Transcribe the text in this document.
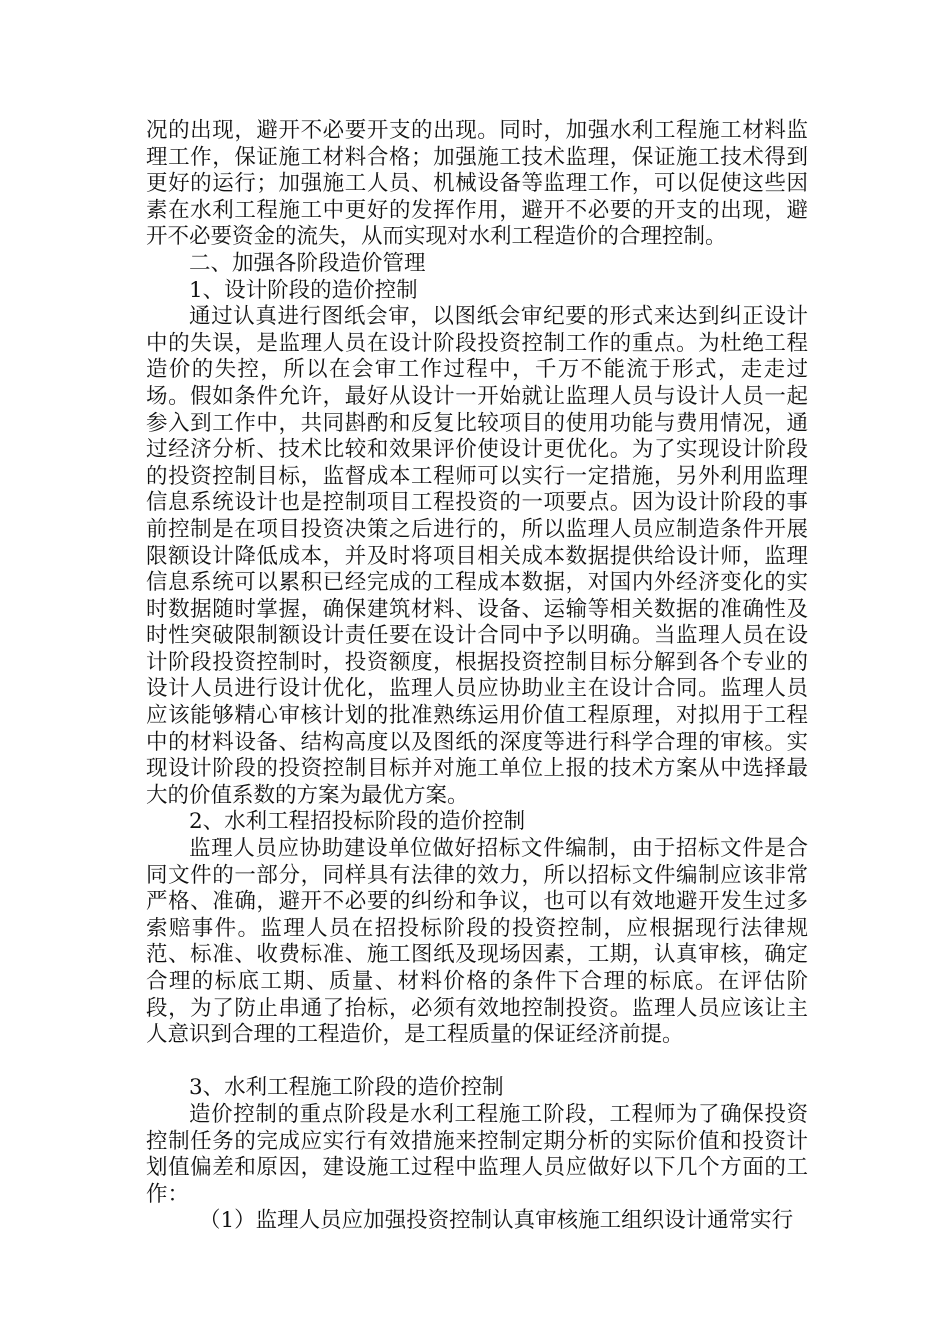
况的出现，避开不必要开支的出现。同时，加强水利工程施工材料监理工作，保证施工材料合格；加强施工技术监理，保证施工技术得到更好的运行；加强施工人员、机械设备等监理工作，可以促使这些因素在水利工程施工中更好的发挥作用，避开不必要的开支的出现，避开不必要资金的流失，从而实现对水利工程造价的合理控制。

二、加强各阶段造价管理

1、设计阶段的造价控制

通过认真进行图纸会审，以图纸会审纪要的形式来达到纠正设计中的失误，是监理人员在设计阶段投资控制工作的重点。为杜绝工程造价的失控，所以在会审工作过程中，千万不能流于形式，走走过场。假如条件允许，最好从设计一开始就让监理人员与设计人员一起参入到工作中，共同斟酌和反复比较项目的使用功能与费用情况，通过经济分析、技术比较和效果评价使设计更优化。为了实现设计阶段的投资控制目标，监督成本工程师可以实行一定措施，另外利用监理信息系统设计也是控制项目工程投资的一项要点。因为设计阶段的事前控制是在项目投资决策之后进行的，所以监理人员应制造条件开展限额设计降低成本，并及时将项目相关成本数据提供给设计师，监理信息系统可以累积已经完成的工程成本数据，对国内外经济变化的实时数据随时掌握，确保建筑材料、设备、运输等相关数据的准确性及时性突破限制额设计责任要在设计合同中予以明确。当监理人员在设计阶段投资控制时，投资额度，根据投资控制目标分解到各个专业的设计人员进行设计优化，监理人员应协助业主在设计合同。监理人员应该能够精心审核计划的批准熟练运用价值工程原理，对拟用于工程中的材料设备、结构高度以及图纸的深度等进行科学合理的审核。实现设计阶段的投资控制目标并对施工单位上报的技术方案从中选择最大的价值系数的方案为最优方案。

2、水利工程招投标阶段的造价控制

监理人员应协助建设单位做好招标文件编制，由于招标文件是合同文件的一部分，同样具有法律的效力，所以招标文件编制应该非常严格、准确，避开不必要的纠纷和争议，也可以有效地避开发生过多索赔事件。监理人员在招投标阶段的投资控制，应根据现行法律规范、标准、收费标准、施工图纸及现场因素，工期，认真审核，确定合理的标底工期、质量、材料价格的条件下合理的标底。在评估阶段，为了防止串通了抬标，必须有效地控制投资。监理人员应该让主人意识到合理的工程造价，是工程质量的保证经济前提。

3、水利工程施工阶段的造价控制

造价控制的重点阶段是水利工程施工阶段，工程师为了确保投资控制任务的完成应实行有效措施来控制定期分析的实际价值和投资计划值偏差和原因，建设施工过程中监理人员应做好以下几个方面的工作：

（1）监理人员应加强投资控制认真审核施工组织设计通常实行
